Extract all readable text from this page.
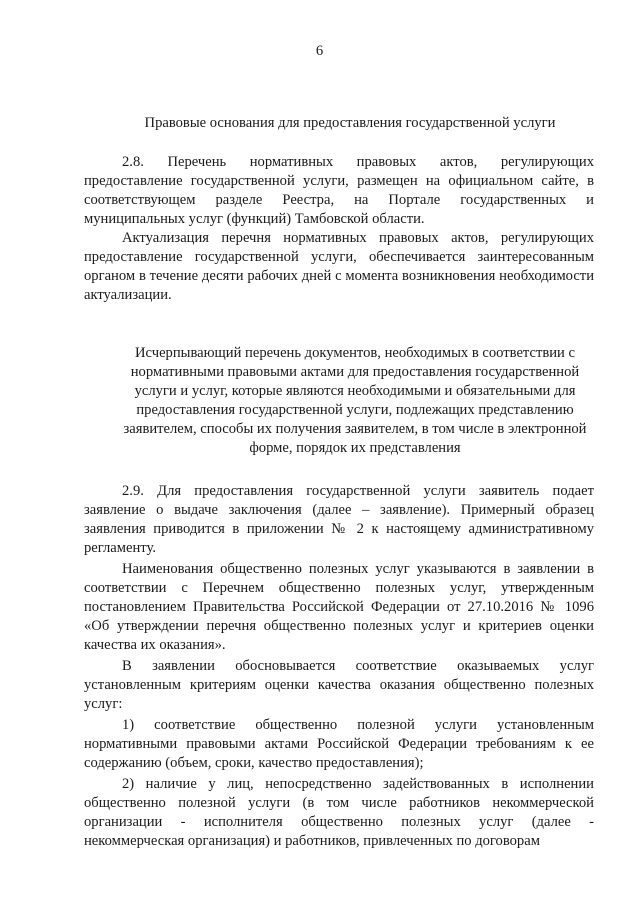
6
Правовые основания для предоставления государственной услуги

2.8. Перечень нормативных правовых актов, регулирующих предоставление государственной услуги, размещен на официальном сайте, в соответствующем разделе Реестра, на Портале государственных и муниципальных услуг (функций) Тамбовской области.

Актуализация перечня нормативных правовых актов, регулирующих предоставление государственной услуги, обеспечивается заинтересованным органом в течение десяти рабочих дней с момента возникновения необходимости актуализации.

Исчерпывающий перечень документов, необходимых в соответствии с нормативными правовыми актами для предоставления государственной услуги и услуг, которые являются необходимыми и обязательными для предоставления государственной услуги, подлежащих представлению заявителем, способы их получения заявителем, в том числе в электронной форме, порядок их представления

2.9. Для предоставления государственной услуги заявитель подает заявление о выдаче заключения (далее – заявление). Примерный образец заявления приводится в приложении № 2 к настоящему административному регламенту.

Наименования общественно полезных услуг указываются в заявлении в соответствии с Перечнем общественно полезных услуг, утвержденным постановлением Правительства Российской Федерации от 27.10.2016 № 1096 «Об утверждении перечня общественно полезных услуг и критериев оценки качества их оказания».

В заявлении обосновывается соответствие оказываемых услуг установленным критериям оценки качества оказания общественно полезных услуг:

1) соответствие общественно полезной услуги установленным нормативными правовыми актами Российской Федерации требованиям к ее содержанию (объем, сроки, качество предоставления);

2) наличие у лиц, непосредственно задействованных в исполнении общественно полезной услуги (в том числе работников некоммерческой организации - исполнителя общественно полезных услуг (далее - некоммерческая организация) и работников, привлеченных по договорам
